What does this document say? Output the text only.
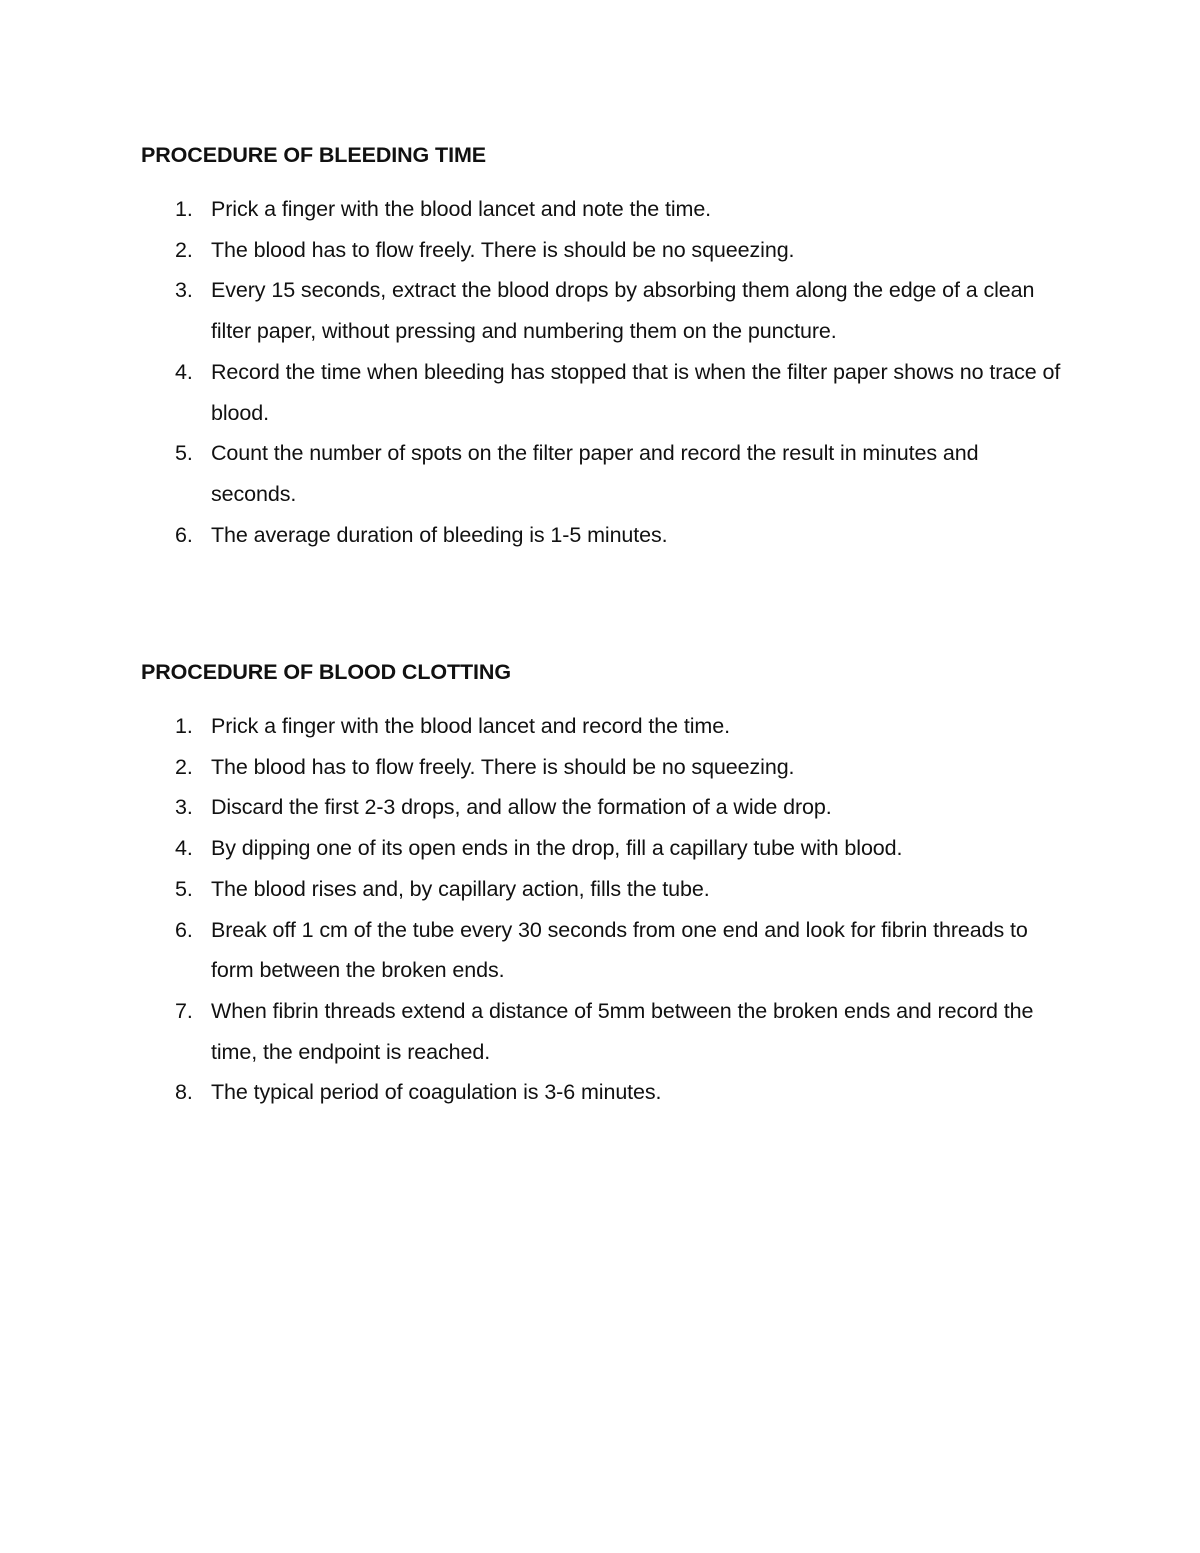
PROCEDURE OF BLEEDING TIME
1. Prick a finger with the blood lancet and note the time.
2. The blood has to flow freely. There is should be no squeezing.
3. Every 15 seconds, extract the blood drops by absorbing them along the edge of a clean filter paper, without pressing and numbering them on the puncture.
4. Record the time when bleeding has stopped that is when the filter paper shows no trace of blood.
5. Count the number of spots on the filter paper and record the result in minutes and seconds.
6. The average duration of bleeding is 1-5 minutes.
PROCEDURE OF BLOOD CLOTTING
1. Prick a finger with the blood lancet and record the time.
2. The blood has to flow freely. There is should be no squeezing.
3. Discard the first 2-3 drops, and allow the formation of a wide drop.
4. By dipping one of its open ends in the drop, fill a capillary tube with blood.
5. The blood rises and, by capillary action, fills the tube.
6. Break off 1 cm of the tube every 30 seconds from one end and look for fibrin threads to form between the broken ends.
7. When fibrin threads extend a distance of 5mm between the broken ends and record the time, the endpoint is reached.
8. The typical period of coagulation is 3-6 minutes.
